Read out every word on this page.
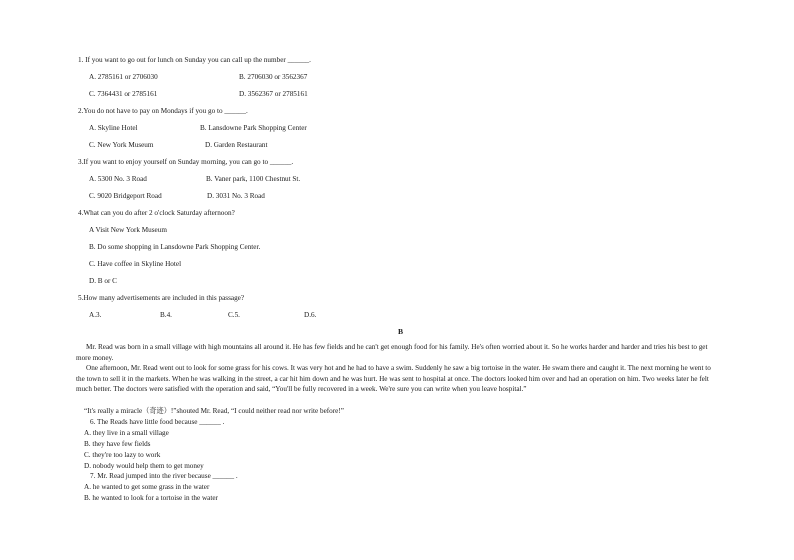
1. If you want to go out for lunch on Sunday you can call up the number ______.
A. 2785161 or 2706030	B. 2706030 or 3562367
C. 7364431 or 2785161	D. 3562367 or 2785161
2.You do not have to pay on Mondays if you go to ______.
A. Skyline Hotel	B. Lansdowne Park Shopping Center
C. New York Museum	D. Garden Restaurant
3.If you want to enjoy yourself on Sunday morning, you can go to ______.
A. 5300 No. 3 Road	B. Vaner park, 1100 Chestnut St.
C. 9020 Bridgeport Road	D. 3031 No. 3 Road
4.What can you do after 2 o'clock Saturday afternoon?
A Visit New York Museum
B. Do some shopping in Lansdowne Park Shopping Center.
C. Have coffee in Skyline Hotel
D. B or C
5.How many advertisements are included in this passage?
A.3.	B.4.	C.5.	D.6.
B
Mr. Read was born in a small village with high mountains all around it. He has few fields and he can't get enough food for his family. He's often worried about it. So he works harder and harder and tries his best to get more money.
One afternoon, Mr. Read went out to look for some grass for his cows. It was very hot and he had to have a swim. Suddenly he saw a big tortoise in the water. He swam there and caught it. The next morning he went to the town to sell it in the markets. When he was walking in the street, a car hit him down and he was hurt. He was sent to hospital at once. The doctors looked him over and had an operation on him. Two weeks later he felt much better. The doctors were satisfied with the operation and said, “You'll be fully recovered in a week. We're sure you can write when you leave hospital.”
“It's really a miracle（奇迹）!”shouted Mr. Read, “I could neither read nor write before!”
6. The Reads have little food because ______ .
A. they live in a small village
B. they have few fields
C. they're too lazy to work
D. nobody would help them to get money
7. Mr. Read jumped into the river because ______ .
A. he wanted to get some grass in the water
B. he wanted to look for a tortoise in the water
